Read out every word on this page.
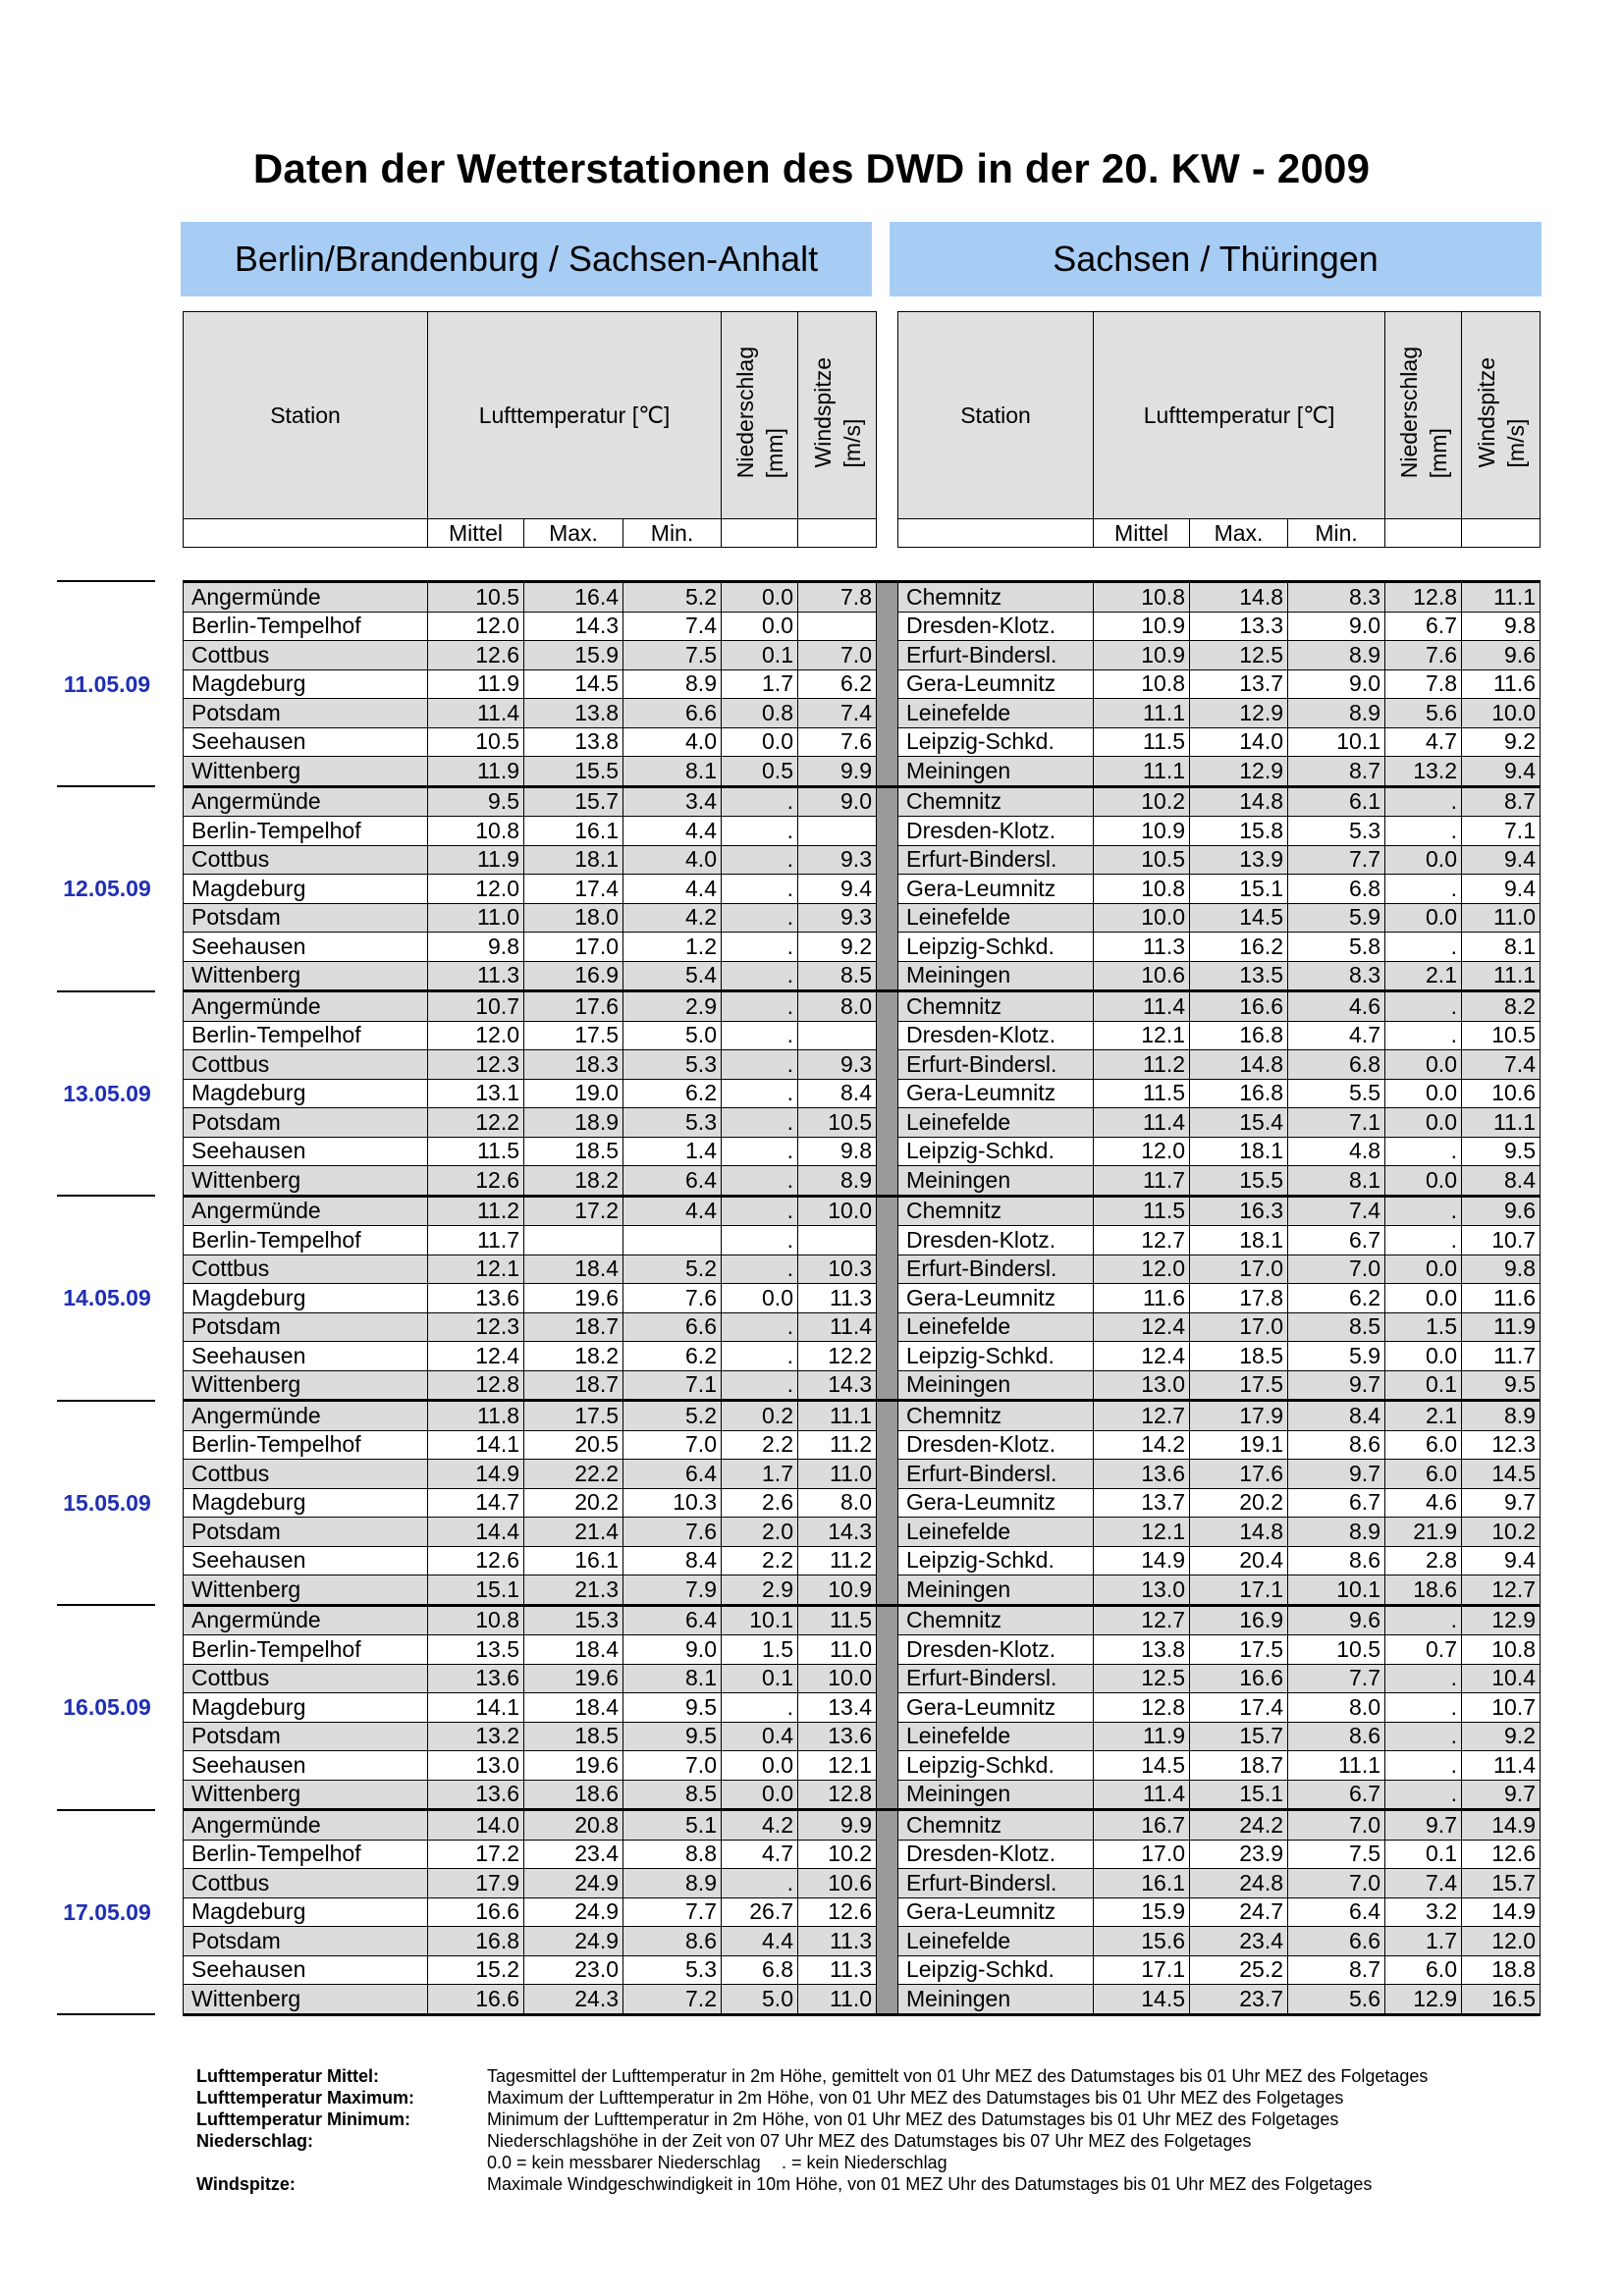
Daten der Wetterstationen des DWD in der 20. KW - 2009
Berlin/Brandenburg / Sachsen-Anhalt	Sachsen / Thüringen
Station	Lufttemperatur [℃]			Niederschlag [mm]	Windspitze [m/s]		Station	Lufttemperatur [℃]			Niederschlag [mm]	Windspitze [m/s]
	Mittel	Max.	Min.					Mittel	Max.	Min.		
Angermünde	10.5	16.4	5.2	0.0	7.8		Chemnitz	10.8	14.8	8.3	12.8	11.1
Berlin-Tempelhof	12.0	14.3	7.4	0.0			Dresden-Klotz.	10.9	13.3	9.0	6.7	9.8
Cottbus	12.6	15.9	7.5	0.1	7.0		Erfurt-Bindersl.	10.9	12.5	8.9	7.6	9.6
Magdeburg	11.9	14.5	8.9	1.7	6.2		Gera-Leumnitz	10.8	13.7	9.0	7.8	11.6
Potsdam	11.4	13.8	6.6	0.8	7.4		Leinefelde	11.1	12.9	8.9	5.6	10.0
Seehausen	10.5	13.8	4.0	0.0	7.6		Leipzig-Schkd.	11.5	14.0	10.1	4.7	9.2
Wittenberg	11.9	15.5	8.1	0.5	9.9		Meiningen	11.1	12.9	8.7	13.2	9.4
Angermünde	9.5	15.7	3.4	.	9.0		Chemnitz	10.2	14.8	6.1	.	8.7
Berlin-Tempelhof	10.8	16.1	4.4	.			Dresden-Klotz.	10.9	15.8	5.3	.	7.1
Cottbus	11.9	18.1	4.0	.	9.3		Erfurt-Bindersl.	10.5	13.9	7.7	0.0	9.4
Magdeburg	12.0	17.4	4.4	.	9.4		Gera-Leumnitz	10.8	15.1	6.8	.	9.4
Potsdam	11.0	18.0	4.2	.	9.3		Leinefelde	10.0	14.5	5.9	0.0	11.0
Seehausen	9.8	17.0	1.2	.	9.2		Leipzig-Schkd.	11.3	16.2	5.8	.	8.1
Wittenberg	11.3	16.9	5.4	.	8.5		Meiningen	10.6	13.5	8.3	2.1	11.1
Angermünde	10.7	17.6	2.9	.	8.0		Chemnitz	11.4	16.6	4.6	.	8.2
Berlin-Tempelhof	12.0	17.5	5.0	.			Dresden-Klotz.	12.1	16.8	4.7	.	10.5
Cottbus	12.3	18.3	5.3	.	9.3		Erfurt-Bindersl.	11.2	14.8	6.8	0.0	7.4
Magdeburg	13.1	19.0	6.2	.	8.4		Gera-Leumnitz	11.5	16.8	5.5	0.0	10.6
Potsdam	12.2	18.9	5.3	.	10.5		Leinefelde	11.4	15.4	7.1	0.0	11.1
Seehausen	11.5	18.5	1.4	.	9.8		Leipzig-Schkd.	12.0	18.1	4.8	.	9.5
Wittenberg	12.6	18.2	6.4	.	8.9		Meiningen	11.7	15.5	8.1	0.0	8.4
Angermünde	11.2	17.2	4.4	.	10.0		Chemnitz	11.5	16.3	7.4	.	9.6
Berlin-Tempelhof	11.7			.			Dresden-Klotz.	12.7	18.1	6.7	.	10.7
Cottbus	12.1	18.4	5.2	.	10.3		Erfurt-Bindersl.	12.0	17.0	7.0	0.0	9.8
Magdeburg	13.6	19.6	7.6	0.0	11.3		Gera-Leumnitz	11.6	17.8	6.2	0.0	11.6
Potsdam	12.3	18.7	6.6	.	11.4		Leinefelde	12.4	17.0	8.5	1.5	11.9
Seehausen	12.4	18.2	6.2	.	12.2		Leipzig-Schkd.	12.4	18.5	5.9	0.0	11.7
Wittenberg	12.8	18.7	7.1	.	14.3		Meiningen	13.0	17.5	9.7	0.1	9.5
Angermünde	11.8	17.5	5.2	0.2	11.1		Chemnitz	12.7	17.9	8.4	2.1	8.9
Berlin-Tempelhof	14.1	20.5	7.0	2.2	11.2		Dresden-Klotz.	14.2	19.1	8.6	6.0	12.3
Cottbus	14.9	22.2	6.4	1.7	11.0		Erfurt-Bindersl.	13.6	17.6	9.7	6.0	14.5
Magdeburg	14.7	20.2	10.3	2.6	8.0		Gera-Leumnitz	13.7	20.2	6.7	4.6	9.7
Potsdam	14.4	21.4	7.6	2.0	14.3		Leinefelde	12.1	14.8	8.9	21.9	10.2
Seehausen	12.6	16.1	8.4	2.2	11.2		Leipzig-Schkd.	14.9	20.4	8.6	2.8	9.4
Wittenberg	15.1	21.3	7.9	2.9	10.9		Meiningen	13.0	17.1	10.1	18.6	12.7
Angermünde	10.8	15.3	6.4	10.1	11.5		Chemnitz	12.7	16.9	9.6	.	12.9
Berlin-Tempelhof	13.5	18.4	9.0	1.5	11.0		Dresden-Klotz.	13.8	17.5	10.5	0.7	10.8
Cottbus	13.6	19.6	8.1	0.1	10.0		Erfurt-Bindersl.	12.5	16.6	7.7	.	10.4
Magdeburg	14.1	18.4	9.5	.	13.4		Gera-Leumnitz	12.8	17.4	8.0	.	10.7
Potsdam	13.2	18.5	9.5	0.4	13.6		Leinefelde	11.9	15.7	8.6	.	9.2
Seehausen	13.0	19.6	7.0	0.0	12.1		Leipzig-Schkd.	14.5	18.7	11.1	.	11.4
Wittenberg	13.6	18.6	8.5	0.0	12.8		Meiningen	11.4	15.1	6.7	.	9.7
Angermünde	14.0	20.8	5.1	4.2	9.9		Chemnitz	16.7	24.2	7.0	9.7	14.9
Berlin-Tempelhof	17.2	23.4	8.8	4.7	10.2		Dresden-Klotz.	17.0	23.9	7.5	0.1	12.6
Cottbus	17.9	24.9	8.9	.	10.6		Erfurt-Bindersl.	16.1	24.8	7.0	7.4	15.7
Magdeburg	16.6	24.9	7.7	26.7	12.6		Gera-Leumnitz	15.9	24.7	6.4	3.2	14.9
Potsdam	16.8	24.9	8.6	4.4	11.3		Leinefelde	15.6	23.4	6.6	1.7	12.0
Seehausen	15.2	23.0	5.3	6.8	11.3		Leipzig-Schkd.	17.1	25.2	8.7	6.0	18.8
Wittenberg	16.6	24.3	7.2	5.0	11.0		Meiningen	14.5	23.7	5.6	12.9	16.5
11.05.09
12.05.09
13.05.09
14.05.09
15.05.09
16.05.09
17.05.09
Lufttemperatur Mittel:	Tagesmittel der Lufttemperatur in 2m Höhe, gemittelt von 01 Uhr MEZ des Datumstages bis 01 Uhr MEZ des Folgetages
Lufttemperatur Maximum:	Maximum der Lufttemperatur in 2m Höhe, von 01 Uhr MEZ des Datumstages bis 01 Uhr MEZ des Folgetages
Lufttemperatur Minimum:	Minimum der Lufttemperatur in 2m Höhe, von 01 Uhr MEZ des Datumstages bis 01 Uhr MEZ des Folgetages
Niederschlag:	Niederschlagshöhe in der Zeit von 07 Uhr MEZ des Datumstages bis 07 Uhr MEZ des Folgetages
0.0 = kein messbarer Niederschlag . = kein Niederschlag
Windspitze:	Maximale Windgeschwindigkeit in 10m Höhe, von 01 MEZ Uhr des Datumstages bis 01 Uhr MEZ des Folgetages
